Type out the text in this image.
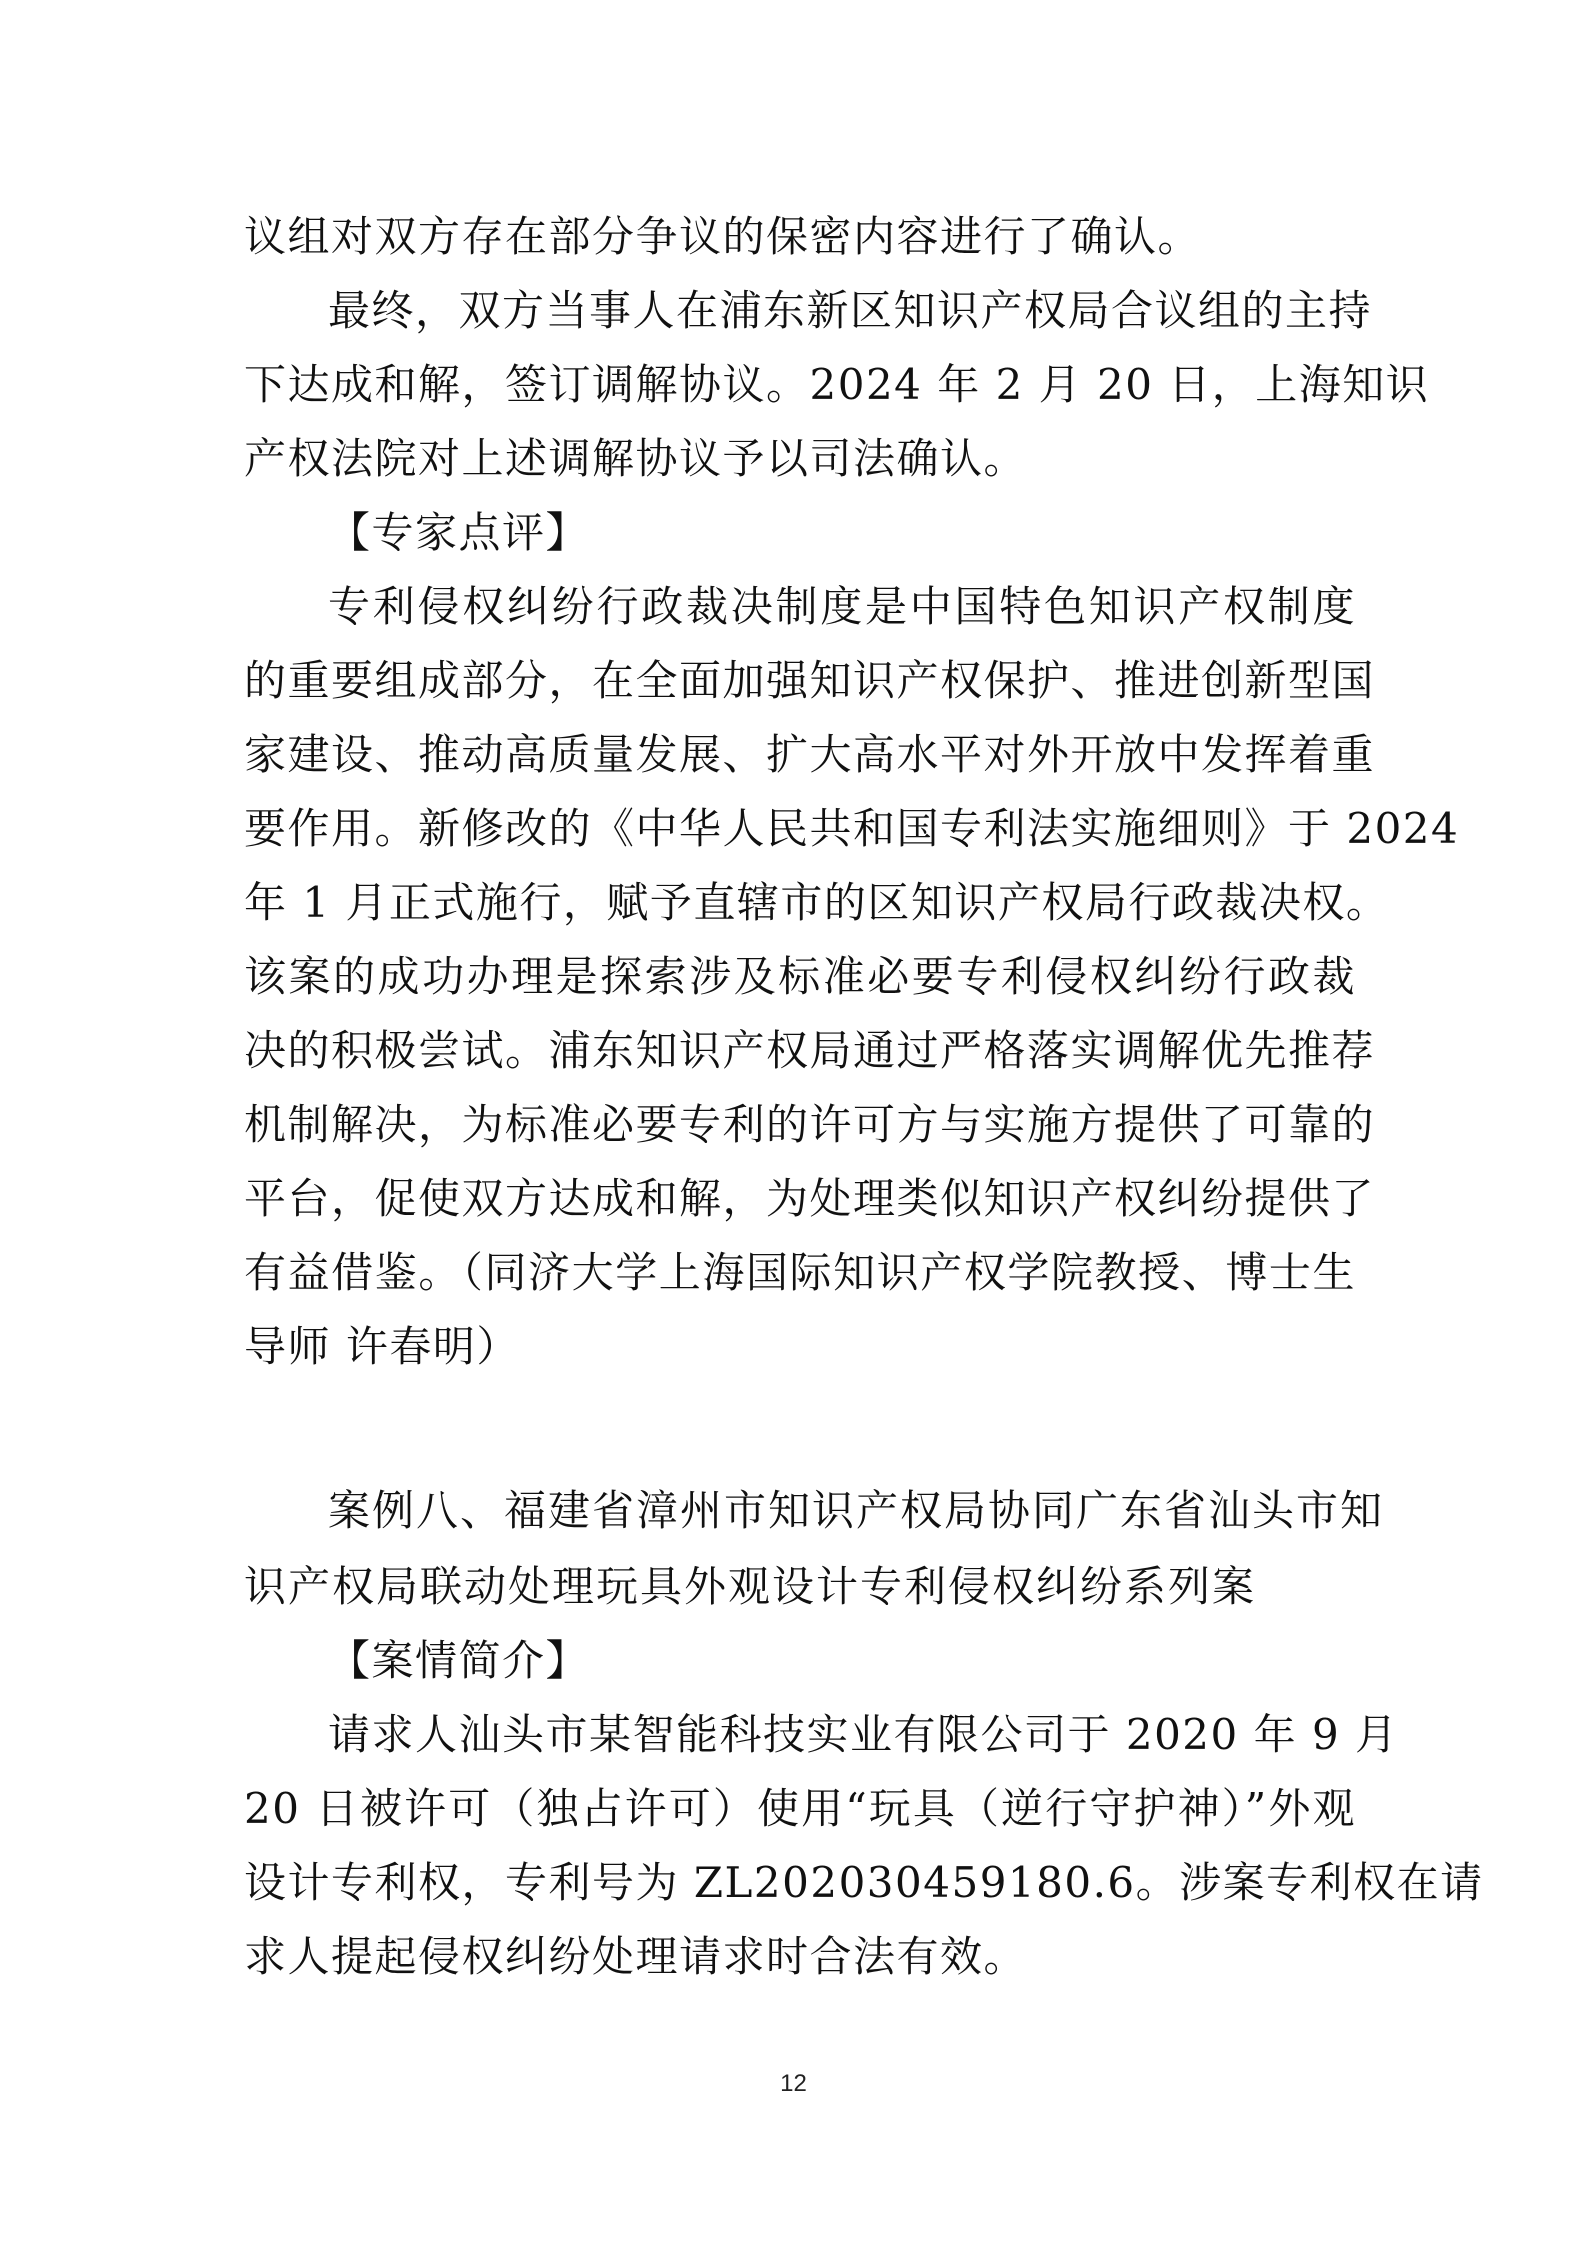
议组对双方存在部分争议的保密内容进行了确认。
最终，双方当事人在浦东新区知识产权局合议组的主持
下达成和解，签订调解协议。2024 年 2 月 20 日，上海知识
产权法院对上述调解协议予以司法确认。
【专家点评】
专利侵权纠纷行政裁决制度是中国特色知识产权制度
的重要组成部分，在全面加强知识产权保护、推进创新型国
家建设、推动高质量发展、扩大高水平对外开放中发挥着重
要作用。新修改的《中华人民共和国专利法实施细则》于 2024
年 1 月正式施行，赋予直辖市的区知识产权局行政裁决权。
该案的成功办理是探索涉及标准必要专利侵权纠纷行政裁
决的积极尝试。浦东知识产权局通过严格落实调解优先推荐
机制解决，为标准必要专利的许可方与实施方提供了可靠的
平台，促使双方达成和解，为处理类似知识产权纠纷提供了
有益借鉴。（同济大学上海国际知识产权学院教授、博士生
导师 许春明）
案例八、福建省漳州市知识产权局协同广东省汕头市知
识产权局联动处理玩具外观设计专利侵权纠纷系列案
【案情简介】
请求人汕头市某智能科技实业有限公司于 2020 年 9 月
20 日被许可（独占许可）使用“玩具（逆行守护神）”外观
设计专利权，专利号为 ZL202030459180.6。涉案专利权在请
求人提起侵权纠纷处理请求时合法有效。
12
